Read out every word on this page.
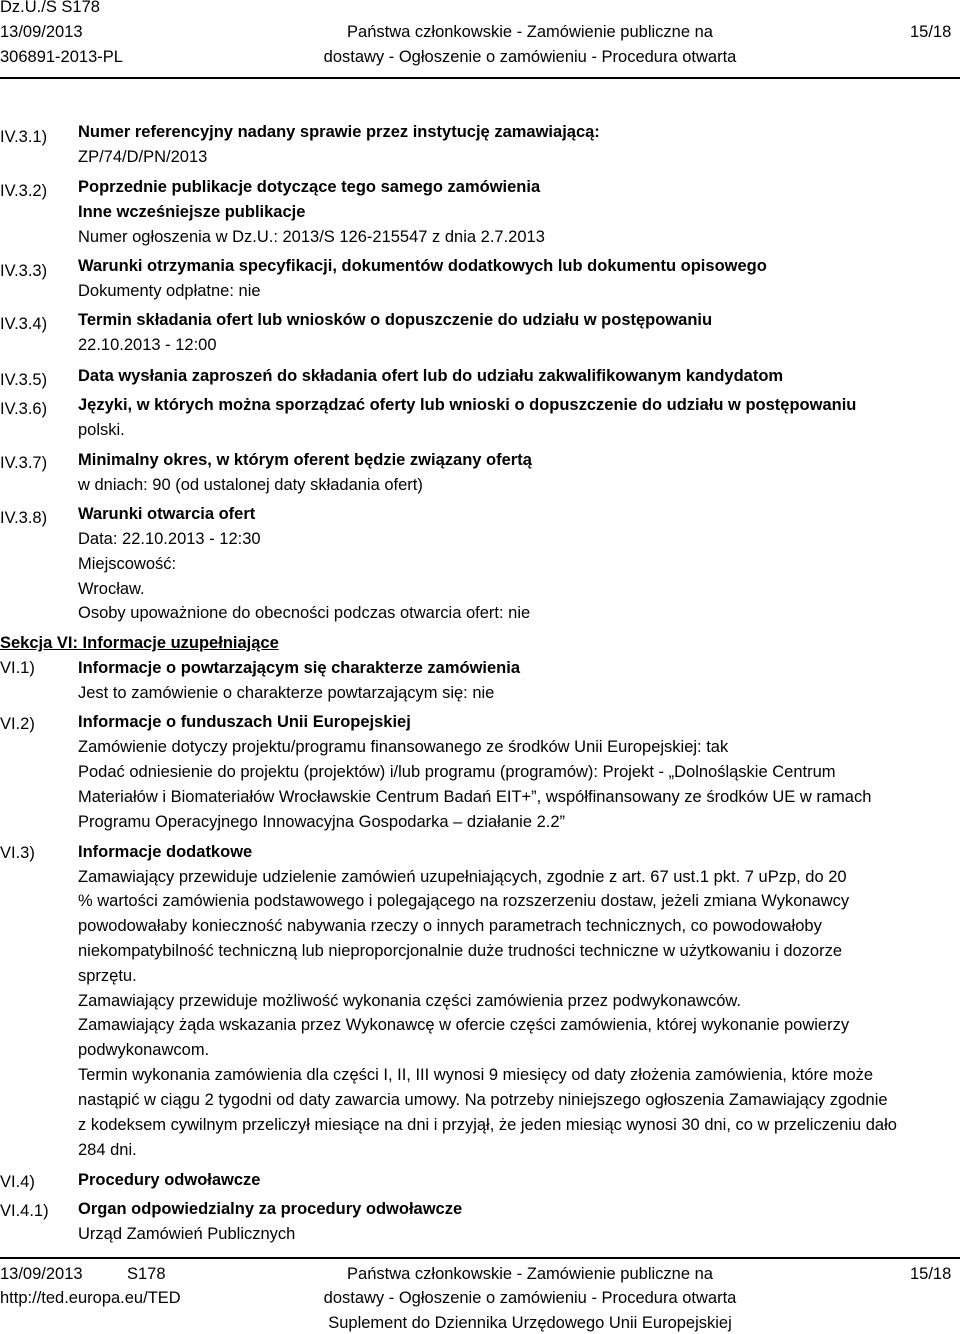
Dz.U./S S178
13/09/2013
306891-2013-PL
Państwa członkowskie - Zamówienie publiczne na
dostawy - Ogłoszenie o zamówieniu - Procedura otwarta
15/18
IV.3.1) Numer referencyjny nadany sprawie przez instytucję zamawiającą:
ZP/74/D/PN/2013
IV.3.2) Poprzednie publikacje dotyczące tego samego zamówienia
Inne wcześniejsze publikacje
Numer ogłoszenia w Dz.U.: 2013/S 126-215547 z dnia 2.7.2013
IV.3.3) Warunki otrzymania specyfikacji, dokumentów dodatkowych lub dokumentu opisowego
Dokumenty odpłatne: nie
IV.3.4) Termin składania ofert lub wniosków o dopuszczenie do udziału w postępowaniu
22.10.2013 - 12:00
IV.3.5) Data wysłania zaproszeń do składania ofert lub do udziału zakwalifikowanym kandydatom
IV.3.6) Języki, w których można sporządzać oferty lub wnioski o dopuszczenie do udziału w postępowaniu
polski.
IV.3.7) Minimalny okres, w którym oferent będzie związany ofertą
w dniach: 90 (od ustalonej daty składania ofert)
IV.3.8) Warunki otwarcia ofert
Data: 22.10.2013 - 12:30
Miejscowość:
Wrocław.
Osoby upoważnione do obecności podczas otwarcia ofert: nie
Sekcja VI: Informacje uzupełniające
VI.1)	Informacje o powtarzającym się charakterze zamówienia
Jest to zamówienie o charakterze powtarzającym się: nie
VI.2)	Informacje o funduszach Unii Europejskiej
Zamówienie dotyczy projektu/programu finansowanego ze środków Unii Europejskiej: tak
Podać odniesienie do projektu (projektów) i/lub programu (programów): Projekt - „Dolnośląskie Centrum
Materiałów i Biomateriałów Wrocławskie Centrum Badań EIT+”, współfinansowany ze środków UE w ramach
Programu Operacyjnego Innowacyjna Gospodarka – działanie 2.2”
VI.3)	Informacje dodatkowe
Zamawiający przewiduje udzielenie zamówień uzupełniających, zgodnie z art. 67 ust.1 pkt. 7 uPzp, do 20
% wartości zamówienia podstawowego i polegającego na rozszerzeniu dostaw, jeżeli zmiana Wykonawcy
powodowałaby konieczność nabywania rzeczy o innych parametrach technicznych, co powodowałoby
niekompatybilność techniczną lub nieproporcjonalnie duże trudności techniczne w użytkowaniu i dozorze
sprzętu.
Zamawiający przewiduje możliwość wykonania części zamówienia przez podwykonawców.
Zamawiający żąda wskazania przez Wykonawcę w ofercie części zamówienia, której wykonanie powierzy
podwykonawcom.
Termin wykonania zamówienia dla części I, II, III wynosi 9 miesięcy od daty złożenia zamówienia, które może
nastąpić w ciągu 2 tygodni od daty zawarcia umowy. Na potrzeby niniejszego ogłoszenia Zamawiający zgodnie
z kodeksem cywilnym przeliczył miesiące na dni i przyjął, że jeden miesiąc wynosi 30 dni, co w przeliczeniu dało
284 dni.
VI.4)	Procedury odwoławcze
VI.4.1) Organ odpowiedzialny za procedury odwoławcze
Urząd Zamówień Publicznych
13/09/2013	S178
http://ted.europa.eu/TED
Państwa członkowskie - Zamówienie publiczne na
dostawy - Ogłoszenie o zamówieniu - Procedura otwarta
Suplement do Dziennika Urzędowego Unii Europejskiej
15/18
